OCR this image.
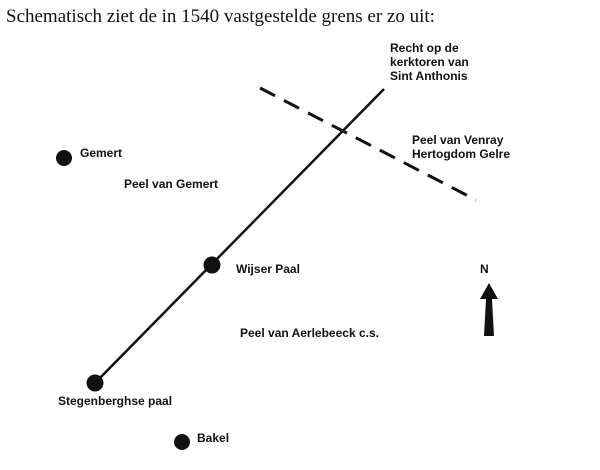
Schematisch ziet de in 1540 vastgestelde grens er zo uit:
Gemert
Peel van Gemert
Wijser Paal
Peel van Aerlebeeck c.s.
Stegenberghse paal
Bakel
Recht op de
kerktoren van
Sint Anthonis
Peel van Venray
Hertogdom Gelre
N
